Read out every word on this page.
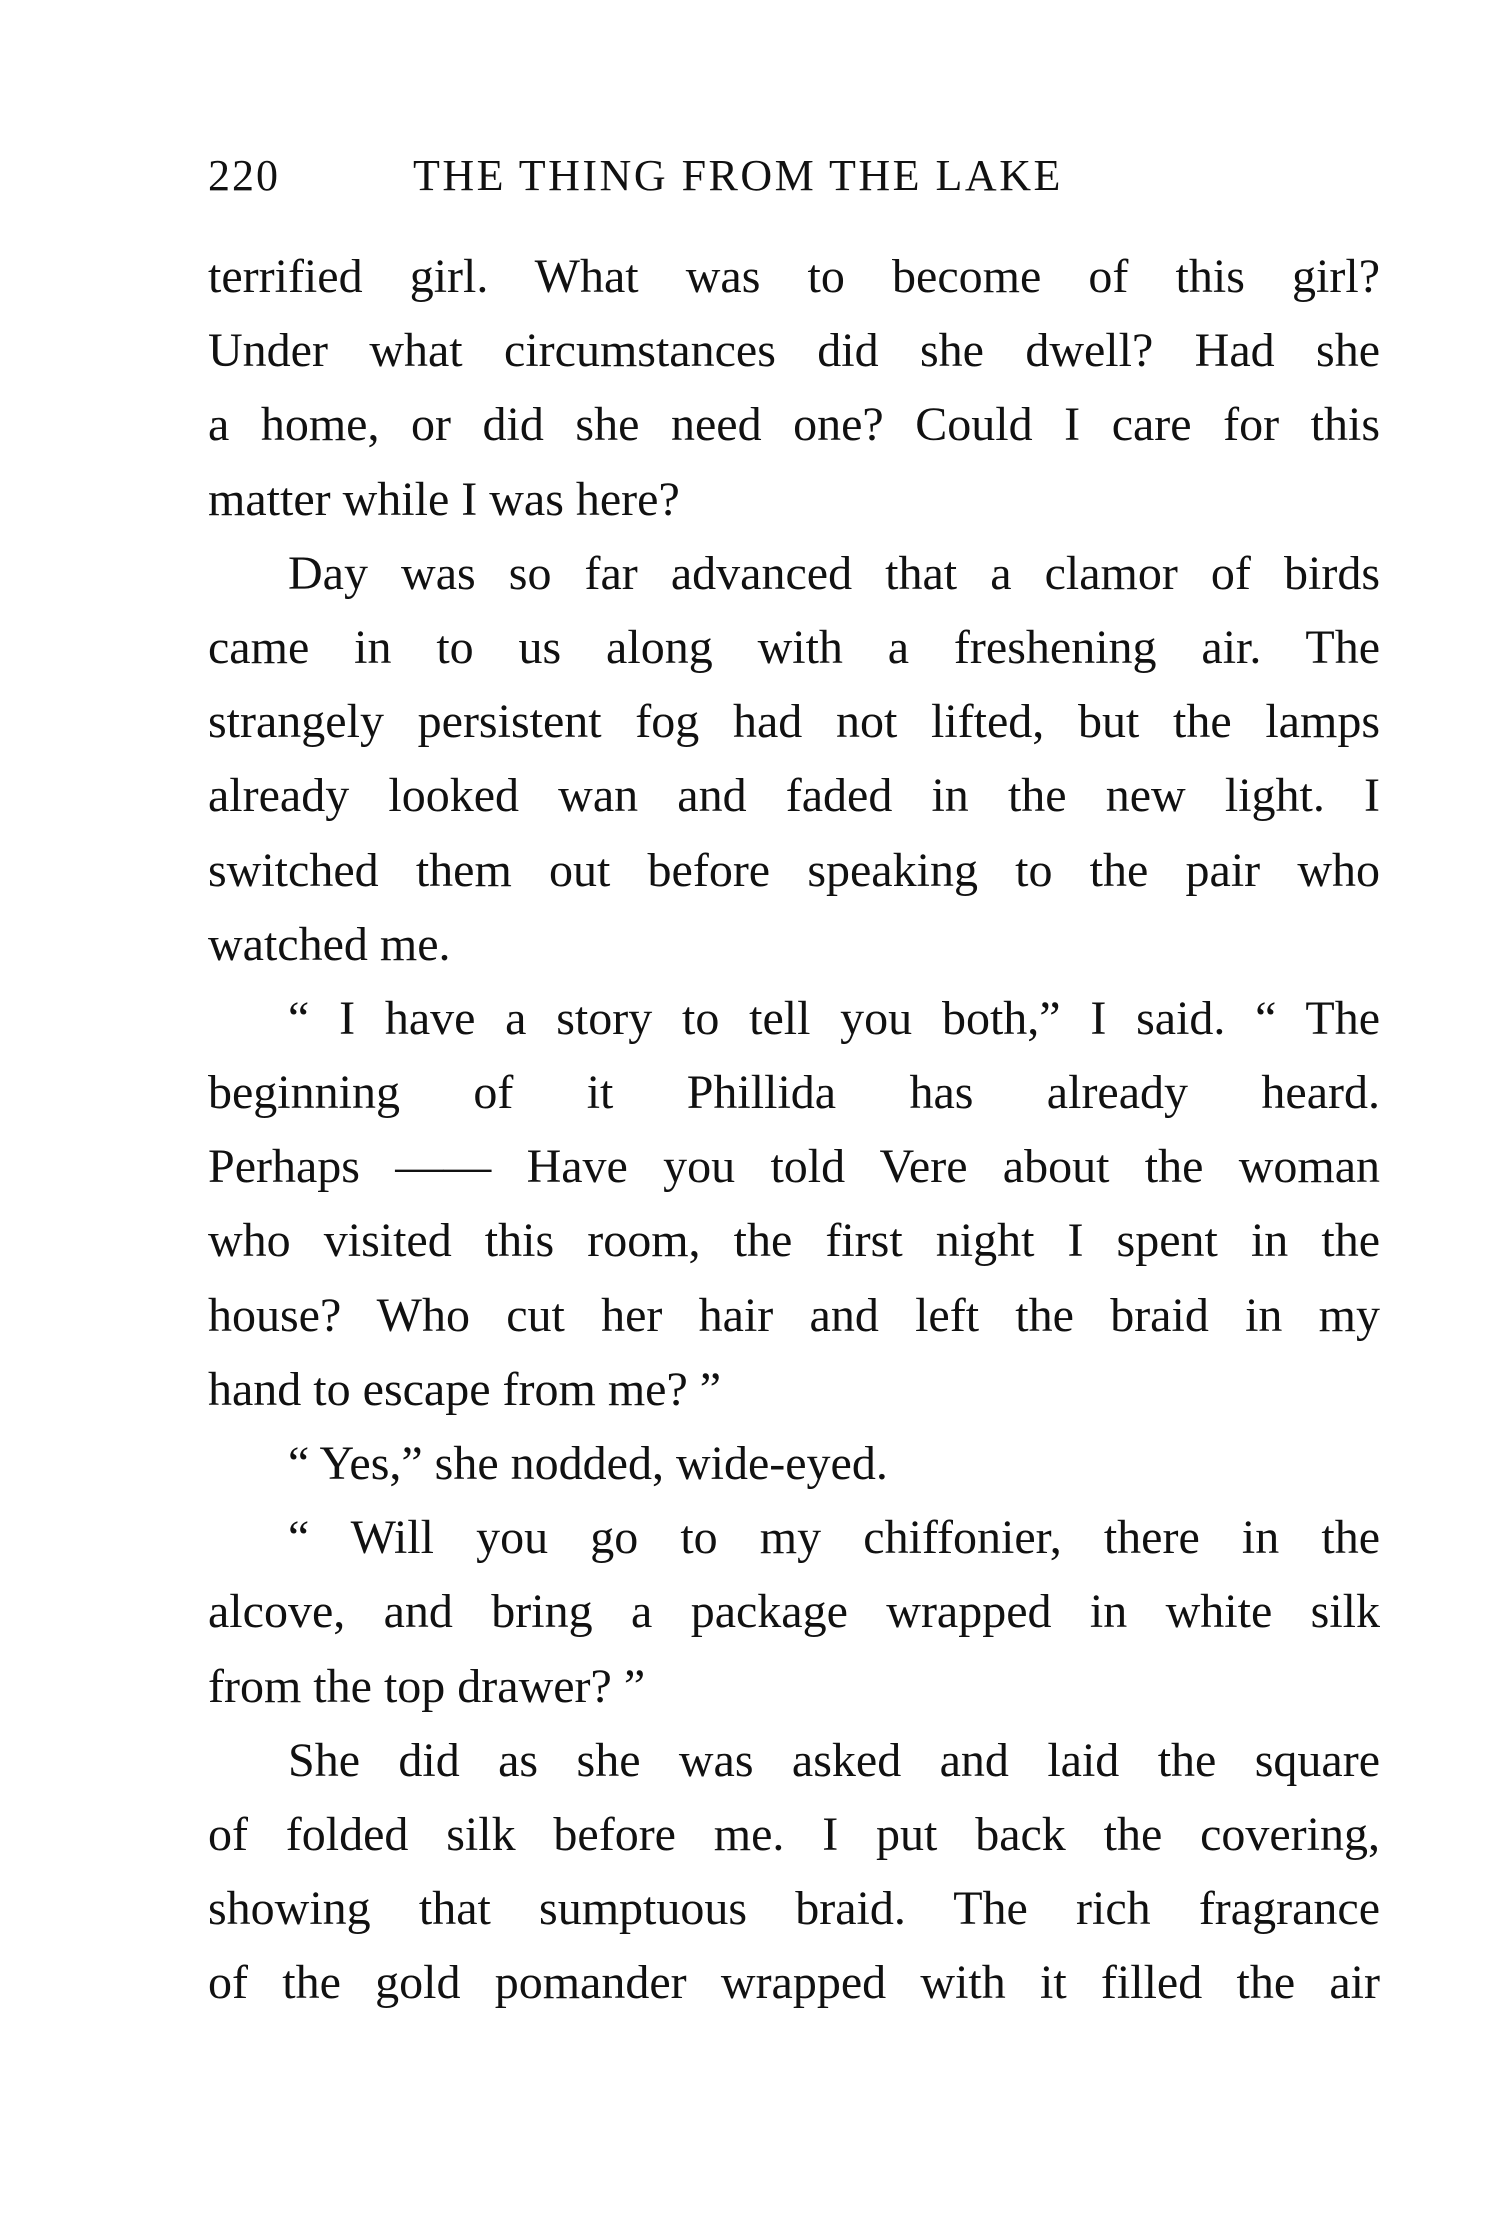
220	THE THING FROM THE LAKE
terrified girl. What was to become of this girl?
Under what circumstances did she dwell? Had she
a home, or did she need one? Could I care for this
matter while I was here?
Day was so far advanced that a clamor of birds
came in to us along with a freshening air. The
strangely persistent fog had not lifted, but the lamps
already looked wan and faded in the new light. I
switched them out before speaking to the pair who
watched me.
“ I have a story to tell you both,” I said. “ The
beginning of it Phillida has already heard.
Perhaps —— Have you told Vere about the woman
who visited this room, the first night I spent in the
house? Who cut her hair and left the braid in my
hand to escape from me? ”
“ Yes,” she nodded, wide-eyed.
“ Will you go to my chiffonier, there in the
alcove, and bring a package wrapped in white silk
from the top drawer? ”
She did as she was asked and laid the square
of folded silk before me. I put back the covering,
showing that sumptuous braid. The rich fragrance
of the gold pomander wrapped with it filled the air
